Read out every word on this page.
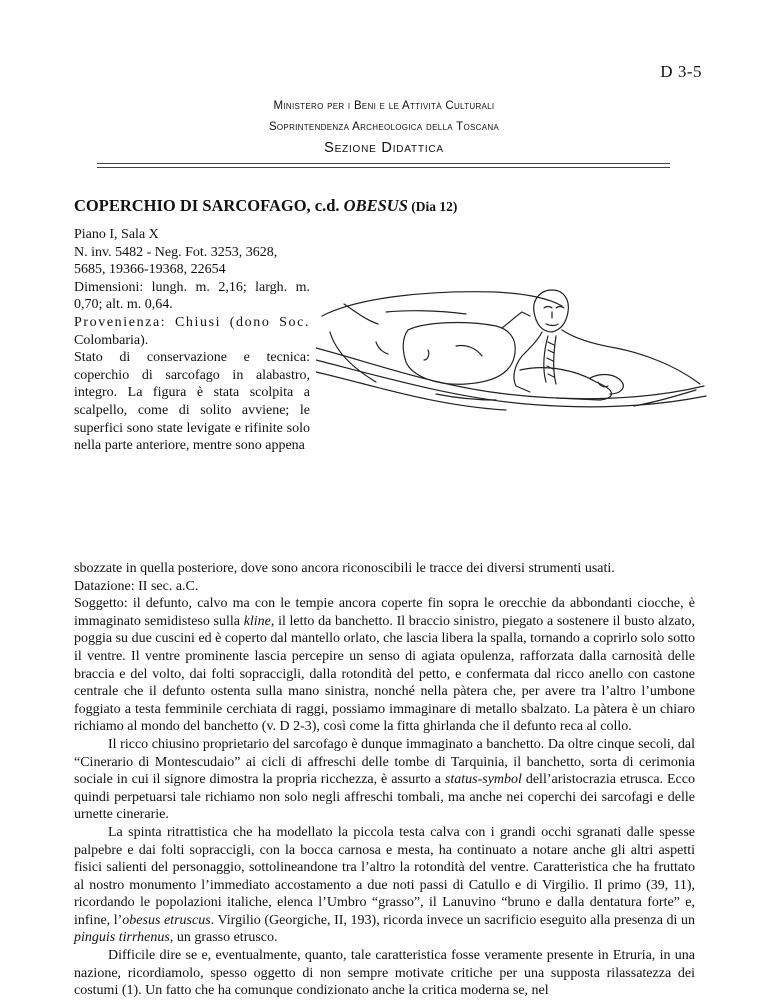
D 3-5
Ministero per i Beni e le Attività Culturali
Soprintendenza Archeologica della Toscana
Sezione Didattica
COPERCHIO DI SARCOFAGO, c.d. OBESUS (Dia 12)

Piano I, Sala X

N. inv. 5482 - Neg. Fot. 3253, 3628,

5685, 19366-19368, 22654

Dimensioni: lungh. m. 2,16; largh. m.

0,70; alt. m. 0,64.

Provenienza: Chiusi (dono Soc.

Colombaria).

Stato di conservazione e tecnica: coperchio di sarcofago in alabastro, integro. La figura è stata scolpita a scalpello, come di solito avviene; le superfici sono state levigate e rifinite solo nella parte anteriore, mentre sono appena

sbozzate in quella posteriore, dove sono ancora riconoscibili le tracce dei diversi strumenti usati.

Datazione: II sec. a.C.

Soggetto: il defunto, calvo ma con le tempie ancora coperte fin sopra le orecchie da abbondanti ciocche, è immaginato semidisteso sulla kline, il letto da banchetto. Il braccio sinistro, piegato a sostenere il busto alzato, poggia su due cuscini ed è coperto dal mantello orlato, che lascia libera la spalla, tornando a coprirlo solo sotto il ventre. Il ventre prominente lascia percepire un senso di agiata opulenza, rafforzata dalla carnosità delle braccia e del volto, dai folti sopraccigli, dalla rotondità del petto, e confermata dal ricco anello con castone centrale che il defunto ostenta sulla mano sinistra, nonché nella pàtera che, per avere tra l’altro l’umbone foggiato a testa femminile cerchiata di raggi, possiamo immaginare di metallo sbalzato. La pàtera è un chiaro richiamo al mondo del banchetto (v. D 2-3), così come la fitta ghirlanda che il defunto reca al collo.

Il ricco chiusino proprietario del sarcofago è dunque immaginato a banchetto. Da oltre cinque secoli, dal “Cinerario di Montescudaio” ai cicli di affreschi delle tombe di Tarquinia, il banchetto, sorta di cerimonia sociale in cui il signore dimostra la propria ricchezza, è assurto a status-symbol dell’aristocrazia etrusca. Ecco quindi perpetuarsi tale richiamo non solo negli affreschi tombali, ma anche nei coperchi dei sarcofagi e delle urnette cinerarie.

La spinta ritrattistica che ha modellato la piccola testa calva con i grandi occhi sgranati dalle spesse palpebre e dai folti sopraccigli, con la bocca carnosa e mesta, ha continuato a notare anche gli altri aspetti fisici salienti del personaggio, sottolineandone tra l’altro la rotondità del ventre. Caratteristica che ha fruttato al nostro monumento l’immediato accostamento a due noti passi di Catullo e di Virgilio. Il primo (39, 11), ricordando le popolazioni italiche, elenca l’Umbro “grasso”, il Lanuvino “bruno e dalla dentatura forte” e, infine, l’obesus etruscus. Virgilio (Georgiche, II, 193), ricorda invece un sacrificio eseguito alla presenza di un pinguis tirrhenus, un grasso etrusco.

Difficile dire se e, eventualmente, quanto, tale caratteristica fosse veramente presente in Etruria, in una nazione, ricordiamolo, spesso oggetto di non sempre motivate critiche per una supposta rilassatezza dei costumi (1). Un fatto che ha comunque condizionato anche la critica moderna se, nel
